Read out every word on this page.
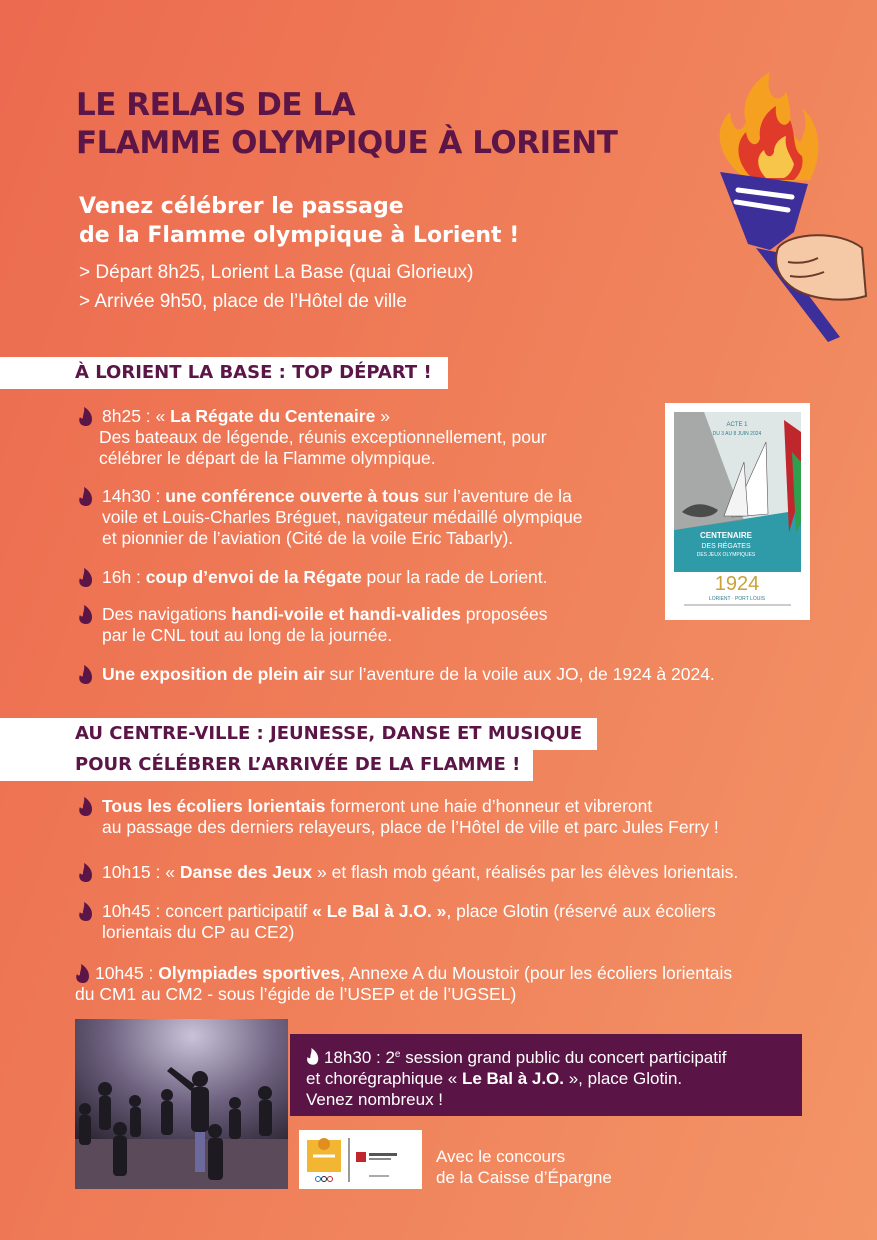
LE RELAIS DE LA
FLAMME OLYMPIQUE À LORIENT
Venez célébrer le passage
de la Flamme olympique à Lorient !
> Départ 8h25, Lorient La Base (quai Glorieux)
> Arrivée 9h50, place de l’Hôtel de ville
À LORIENT LA BASE : TOP DÉPART !
8h25 : « La Régate du Centenaire »
Des bateaux de légende, réunis exceptionnellement, pour
célébrer le départ de la Flamme olympique.
14h30 : une conférence ouverte à tous sur l’aventure de la
voile et Louis-Charles Bréguet, navigateur médaillé olympique
et pionnier de l’aviation (Cité de la voile Eric Tabarly).
16h : coup d’envoi de la Régate pour la rade de Lorient.
Des navigations handi-voile et handi-valides proposées
par le CNL tout au long de la journée.
Une exposition de plein air sur l’aventure de la voile aux JO, de 1924 à 2024.
ACTE 1
DU 3 AU 8 JUIN 2024
CENTENAIRE
DES RÉGATES
DES JEUX OLYMPIQUES
1924
LORIENT · PORT LOUIS
AU CENTRE-VILLE : JEUNESSE, DANSE ET MUSIQUE
POUR CÉLÉBRER L’ARRIVÉE DE LA FLAMME !
Tous les écoliers lorientais formeront une haie d’honneur et vibreront
au passage des derniers relayeurs, place de l’Hôtel de ville et parc Jules Ferry !
10h15 : « Danse des Jeux » et flash mob géant, réalisés par les élèves lorientais.
10h45 : concert participatif « Le Bal à J.O. », place Glotin (réservé aux écoliers
lorientais du CP au CE2)
10h45 : Olympiades sportives, Annexe A du Moustoir (pour les écoliers lorientais
du CM1 au CM2 - sous l’égide de l’USEP et de l’UGSEL)
18h30 : 2e session grand public du concert participatif
et chorégraphique « Le Bal à J.O. », place Glotin.
Venez nombreux !
Avec le concours
de la Caisse d’Épargne
